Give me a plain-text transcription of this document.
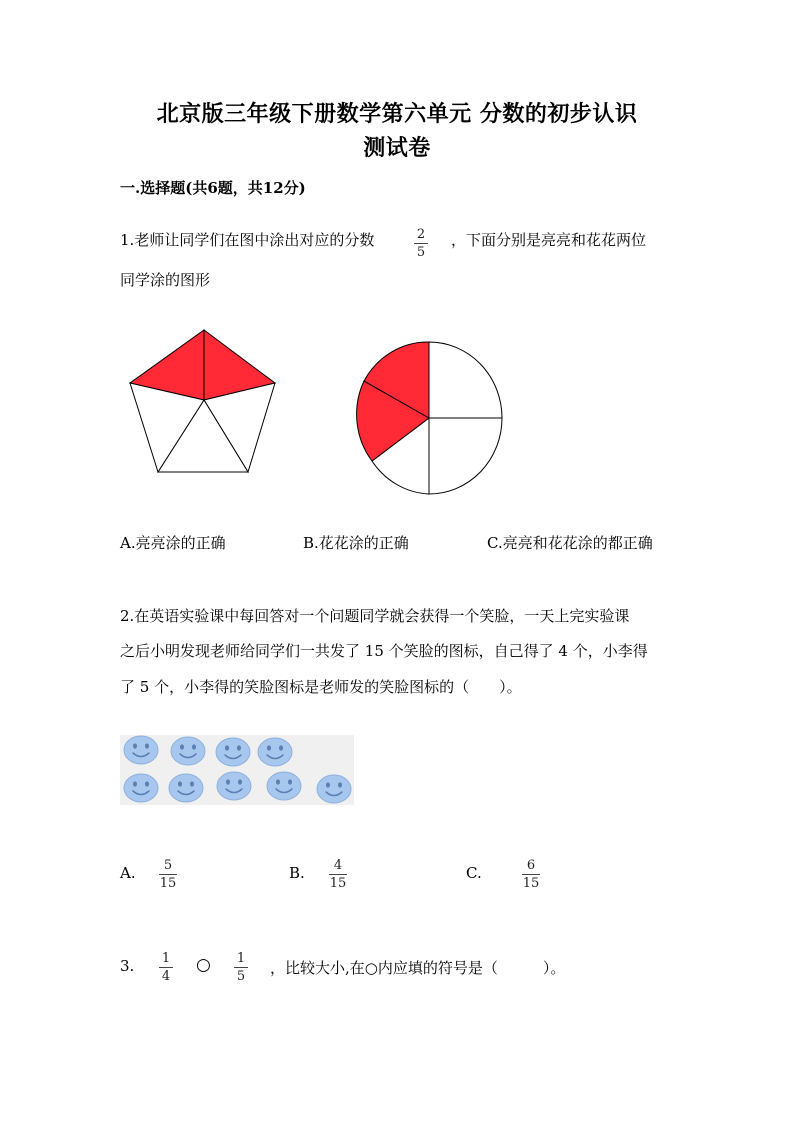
北京版三年级下册数学第六单元 分数的初步认识
测试卷
一.选择题(共6题，共12分)
1.老师让同学们在图中涂出对应的分数	2
5
，下面分别是亮亮和花花两位
同学涂的图形
A.亮亮涂的正确	B.花花涂的正确	C.亮亮和花花涂的都正确
2.在英语实验课中每回答对一个问题同学就会获得一个笑脸，一天上完实验课
之后小明发现老师给同学们一共发了 15 个笑脸的图标，自己得了 4 个，小李得
了 5 个，小李得的笑脸图标是老师发的笑脸图标的（　　）。
A. 5
15
B. 4
15
C.	6
15
3. 1
4
○ 1
5 ，比较大小,在○内应填的符号是（　　　）。
